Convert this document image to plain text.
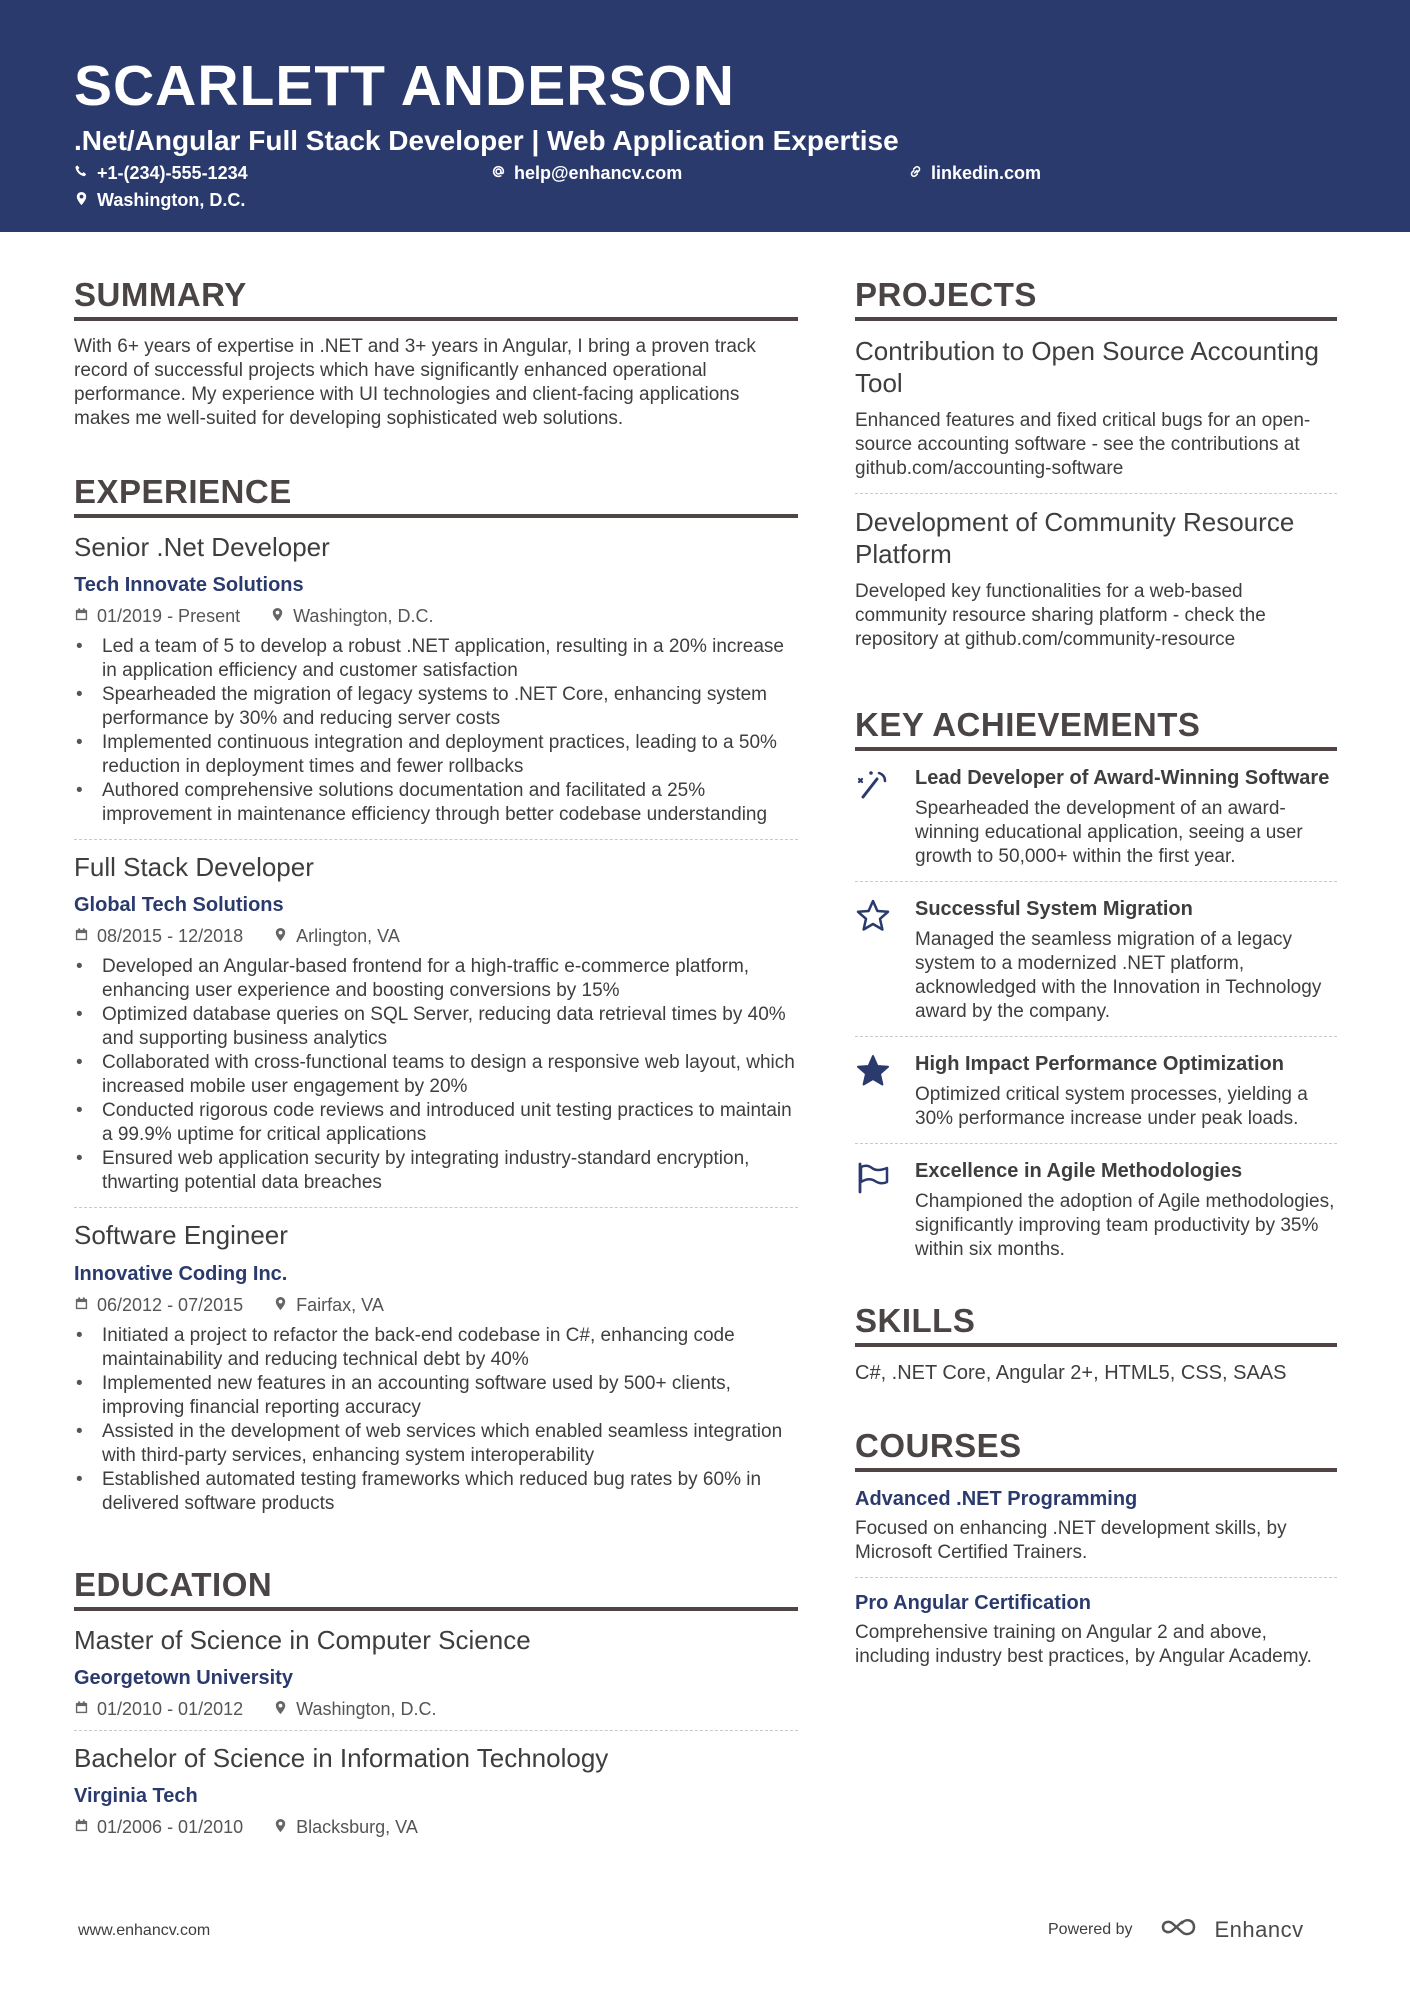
SCARLETT ANDERSON
.Net/Angular Full Stack Developer | Web Application Expertise
+1-(234)-555-1234	help@enhancv.com	linkedin.com
Washington, D.C.
SUMMARY
With 6+ years of expertise in .NET and 3+ years in Angular, I bring a proven track record of successful projects which have significantly enhanced operational performance. My experience with UI technologies and client-facing applications makes me well-suited for developing sophisticated web solutions.
EXPERIENCE
Senior .Net Developer
Tech Innovate Solutions
01/2019 - Present	Washington, D.C.
• Led a team of 5 to develop a robust .NET application, resulting in a 20% increase in application efficiency and customer satisfaction
• Spearheaded the migration of legacy systems to .NET Core, enhancing system performance by 30% and reducing server costs
• Implemented continuous integration and deployment practices, leading to a 50% reduction in deployment times and fewer rollbacks
• Authored comprehensive solutions documentation and facilitated a 25% improvement in maintenance efficiency through better codebase understanding
Full Stack Developer
Global Tech Solutions
08/2015 - 12/2018	Arlington, VA
• Developed an Angular-based frontend for a high-traffic e-commerce platform, enhancing user experience and boosting conversions by 15%
• Optimized database queries on SQL Server, reducing data retrieval times by 40% and supporting business analytics
• Collaborated with cross-functional teams to design a responsive web layout, which increased mobile user engagement by 20%
• Conducted rigorous code reviews and introduced unit testing practices to maintain a 99.9% uptime for critical applications
• Ensured web application security by integrating industry-standard encryption, thwarting potential data breaches
Software Engineer
Innovative Coding Inc.
06/2012 - 07/2015	Fairfax, VA
• Initiated a project to refactor the back-end codebase in C#, enhancing code maintainability and reducing technical debt by 40%
• Implemented new features in an accounting software used by 500+ clients, improving financial reporting accuracy
• Assisted in the development of web services which enabled seamless integration with third-party services, enhancing system interoperability
• Established automated testing frameworks which reduced bug rates by 60% in delivered software products
EDUCATION
Master of Science in Computer Science
Georgetown University
01/2010 - 01/2012	Washington, D.C.
Bachelor of Science in Information Technology
Virginia Tech
01/2006 - 01/2010	Blacksburg, VA
PROJECTS
Contribution to Open Source Accounting Tool
Enhanced features and fixed critical bugs for an open-source accounting software - see the contributions at github.com/accounting-software
Development of Community Resource Platform
Developed key functionalities for a web-based community resource sharing platform - check the repository at github.com/community-resource
KEY ACHIEVEMENTS
Lead Developer of Award-Winning Software
Spearheaded the development of an award-winning educational application, seeing a user growth to 50,000+ within the first year.
Successful System Migration
Managed the seamless migration of a legacy system to a modernized .NET platform, acknowledged with the Innovation in Technology award by the company.
High Impact Performance Optimization
Optimized critical system processes, yielding a 30% performance increase under peak loads.
Excellence in Agile Methodologies
Championed the adoption of Agile methodologies, significantly improving team productivity by 35% within six months.
SKILLS
C#, .NET Core, Angular 2+, HTML5, CSS, SAAS
COURSES
Advanced .NET Programming
Focused on enhancing .NET development skills, by Microsoft Certified Trainers.
Pro Angular Certification
Comprehensive training on Angular 2 and above, including industry best practices, by Angular Academy.
www.enhancv.com	Powered by	Enhancv
